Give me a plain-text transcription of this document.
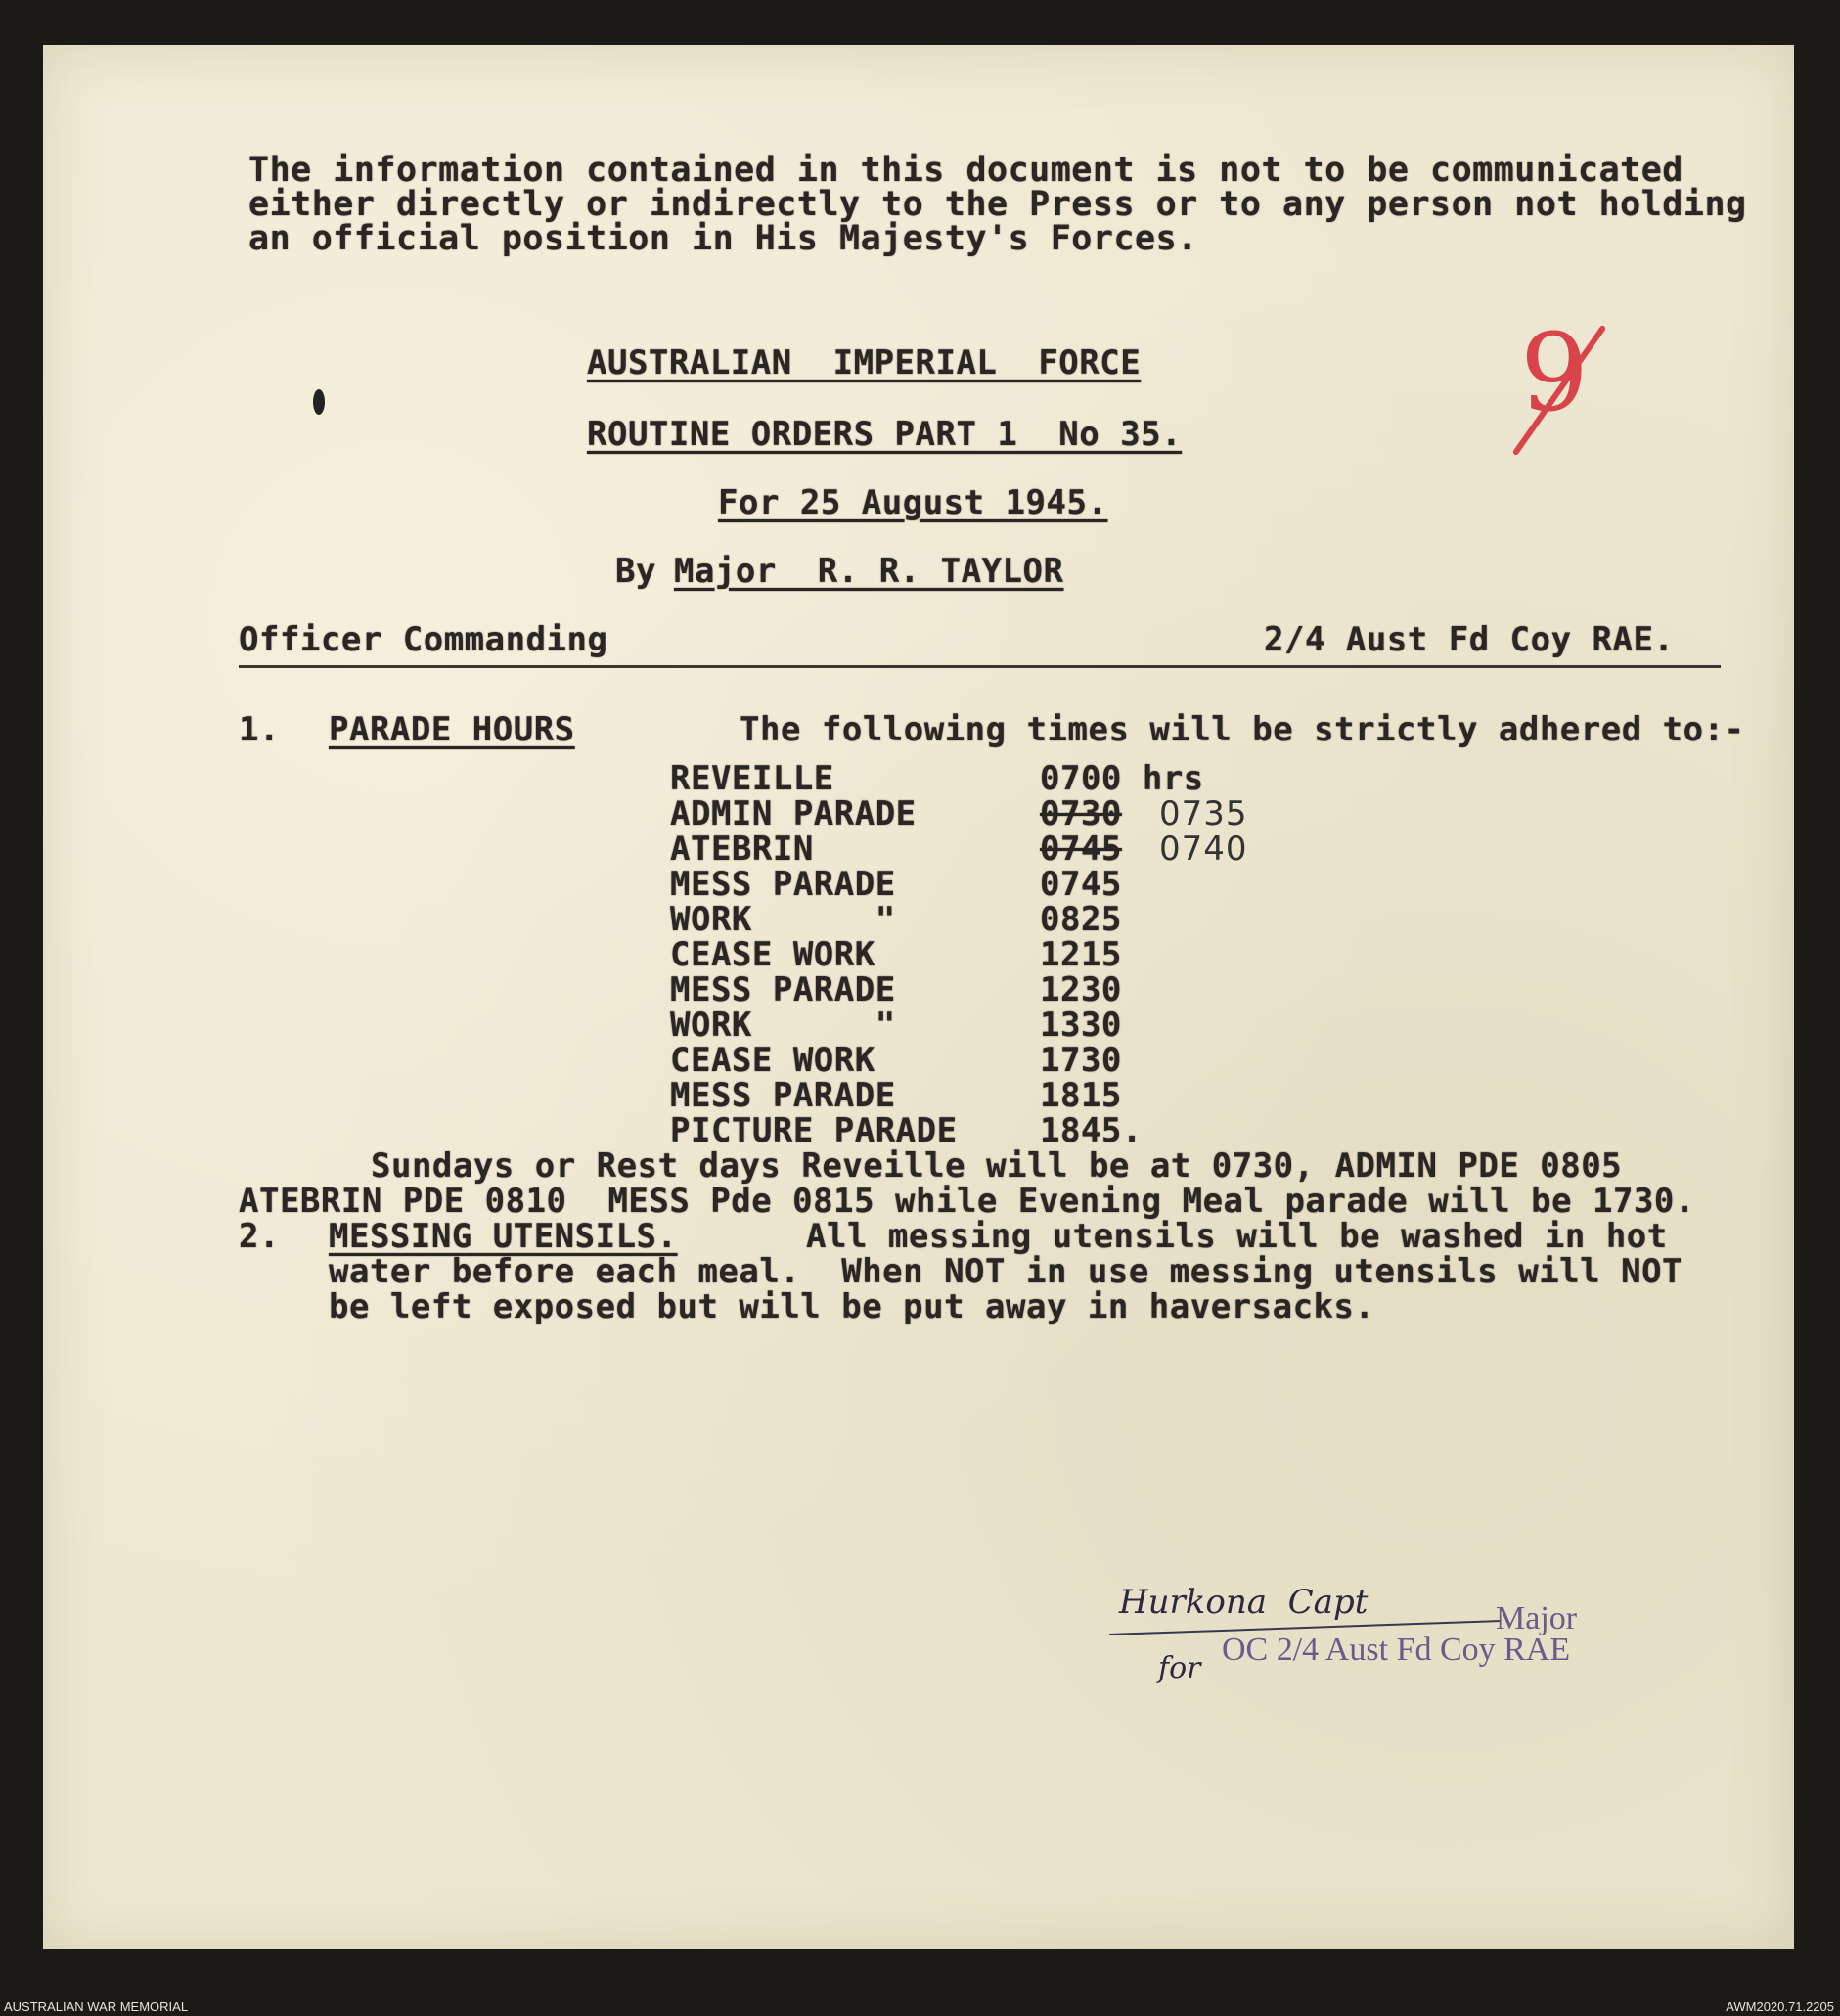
The information contained in this document is not to be communicated
either directly or indirectly to the Press or to any person not holding
an official position in His Majesty's Forces.
AUSTRALIAN  IMPERIAL  FORCE
ROUTINE ORDERS PART 1  No 35.
For 25 August 1945.
By Major  R. R. TAYLOR
Officer Commanding	2/4 Aust Fd Coy RAE.
1. PARADE HOURS	The following times will be strictly adhered to:-
REVEILLE	0700 hrs
ADMIN PARADE	0730 0735
ATEBRIN	0745 0740
MESS PARADE	0745
WORK      "	0825
CEASE WORK	1215
MESS PARADE	1230
WORK      "	1330
CEASE WORK	1730
MESS PARADE	1815
PICTURE PARADE 1845.
Sundays or Rest days Reveille will be at 0730, ADMIN PDE 0805
ATEBRIN PDE 0810  MESS Pde 0815 while Evening Meal parade will be 1730.
2. MESSING UTENSILS.	All messing utensils will be washed in hot
water before each meal.  When NOT in use messing utensils will NOT
be left exposed but will be put away in haversacks.
9
Hurkona  Capt	Major
for
OC 2/4 Aust Fd Coy RAE
AUSTRALIAN WAR MEMORIAL	AWM2020.71.2205
